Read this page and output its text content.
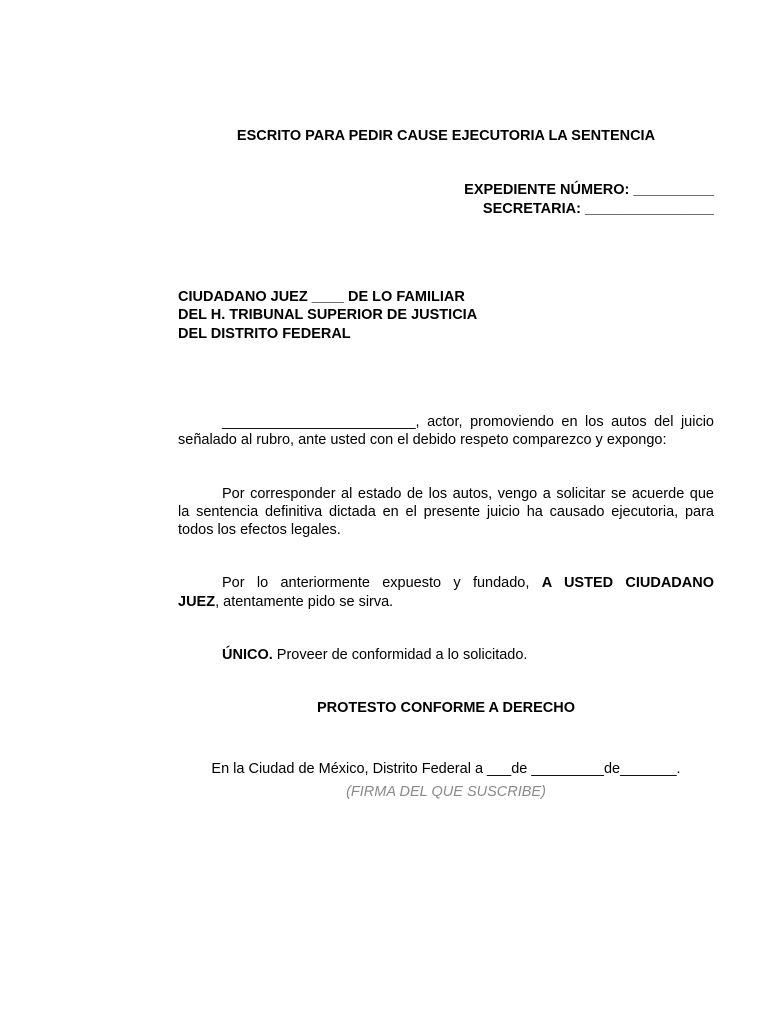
ESCRITO PARA PEDIR CAUSE EJECUTORIA LA SENTENCIA
EXPEDIENTE NÚMERO: __________
SECRETARIA: ________________
CIUDADANO JUEZ ____ DE LO FAMILIAR
DEL H. TRIBUNAL SUPERIOR DE JUSTICIA
DEL DISTRITO FEDERAL
________________________, actor, promoviendo en los autos del juicio
señalado al rubro, ante usted con el debido respeto comparezco y expongo:
Por corresponder al estado de los autos, vengo a solicitar se acuerde que
la sentencia definitiva dictada en el presente juicio ha causado ejecutoria, para
todos los efectos legales.
Por lo anteriormente expuesto y fundado, A USTED CIUDADANO
JUEZ, atentamente pido se sirva.
ÚNICO. Proveer de conformidad a lo solicitado.
PROTESTO CONFORME A DERECHO
En la Ciudad de México, Distrito Federal a ___de _________de_______.
(FIRMA DEL QUE SUSCRIBE)
